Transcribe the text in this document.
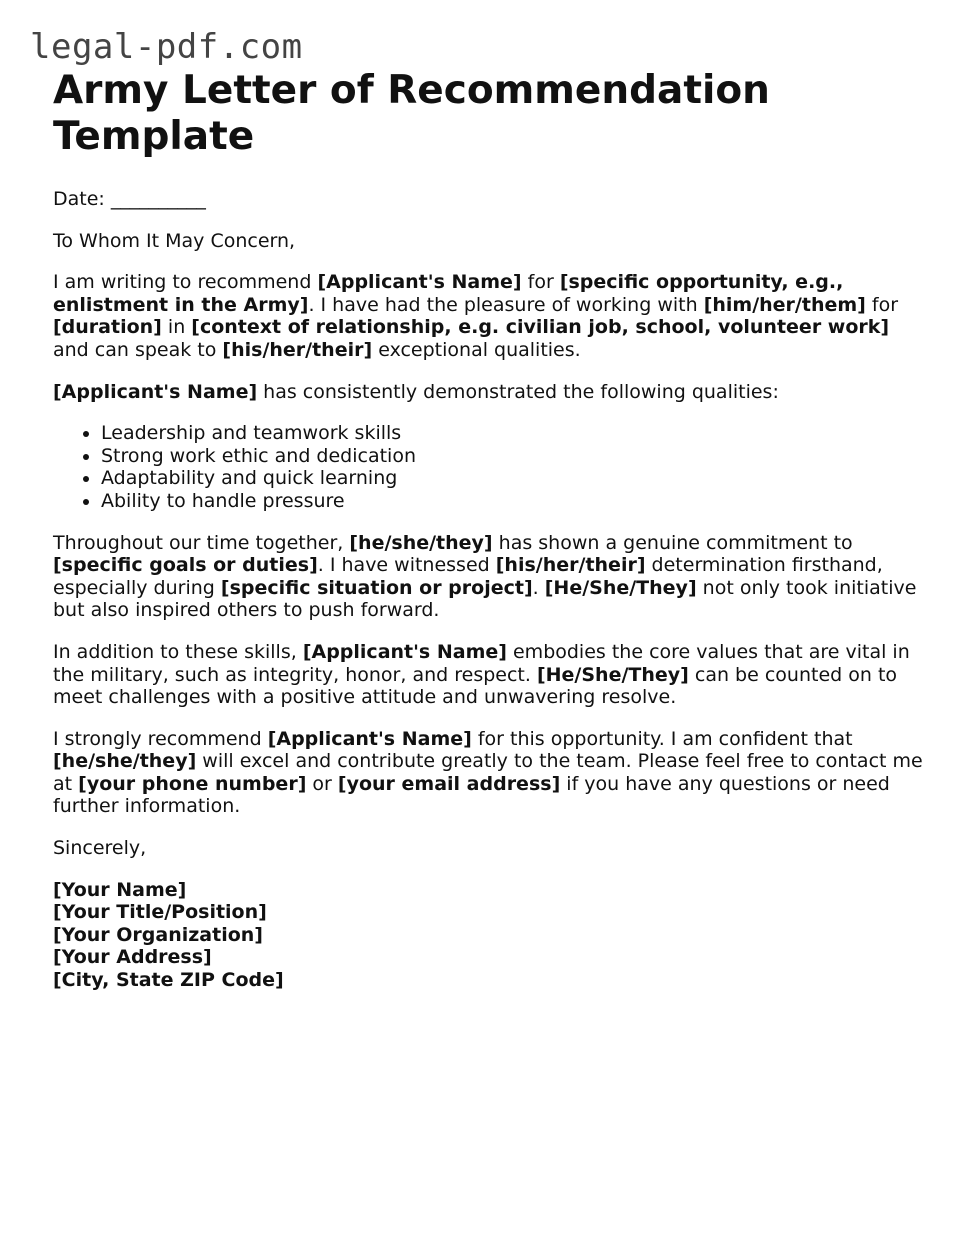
legal-pdf.com
Army Letter of Recommendation Template

Date: __________

To Whom It May Concern,

I am writing to recommend [Applicant's Name] for [specific opportunity, e.g., enlistment in the Army]. I have had the pleasure of working with [him/her/them] for [duration] in [context of relationship, e.g. civilian job, school, volunteer work] and can speak to [his/her/their] exceptional qualities.

[Applicant's Name] has consistently demonstrated the following qualities:

• Leadership and teamwork skills
• Strong work ethic and dedication
• Adaptability and quick learning
• Ability to handle pressure

Throughout our time together, [he/she/they] has shown a genuine commitment to [specific goals or duties]. I have witnessed [his/her/their] determination firsthand, especially during [specific situation or project]. [He/She/They] not only took initiative but also inspired others to push forward.

In addition to these skills, [Applicant's Name] embodies the core values that are vital in the military, such as integrity, honor, and respect. [He/She/They] can be counted on to meet challenges with a positive attitude and unwavering resolve.

I strongly recommend [Applicant's Name] for this opportunity. I am confident that [he/she/they] will excel and contribute greatly to the team. Please feel free to contact me at [your phone number] or [your email address] if you have any questions or need further information.

Sincerely,

[Your Name]
[Your Title/Position]
[Your Organization]
[Your Address]
[City, State ZIP Code]
